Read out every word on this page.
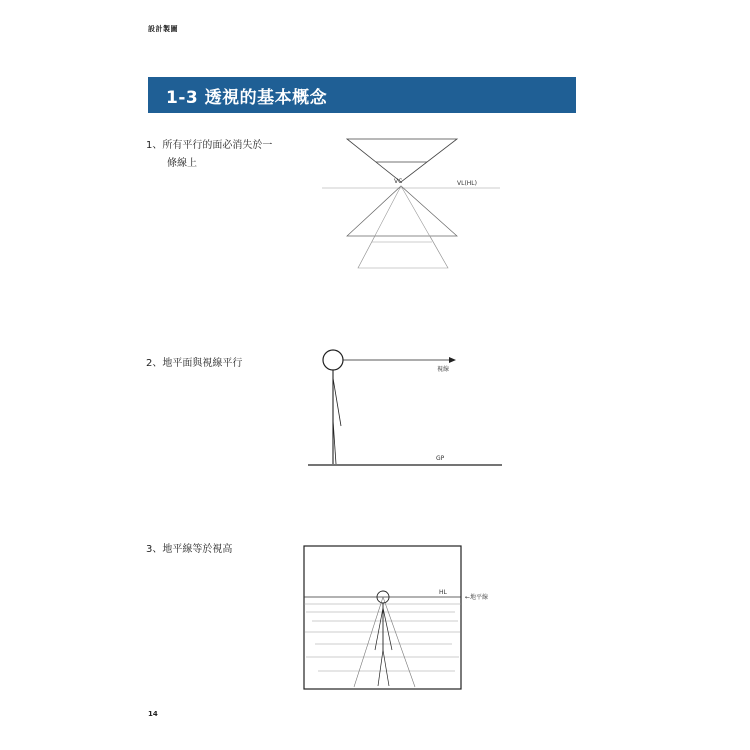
設計製圖
1-3 透視的基本概念
1、所有平行的面必消失於一
條線上
VC	VL(HL)
2、地平面與視線平行
視線
GP
3、地平線等於視高
HL
←地平線
14
